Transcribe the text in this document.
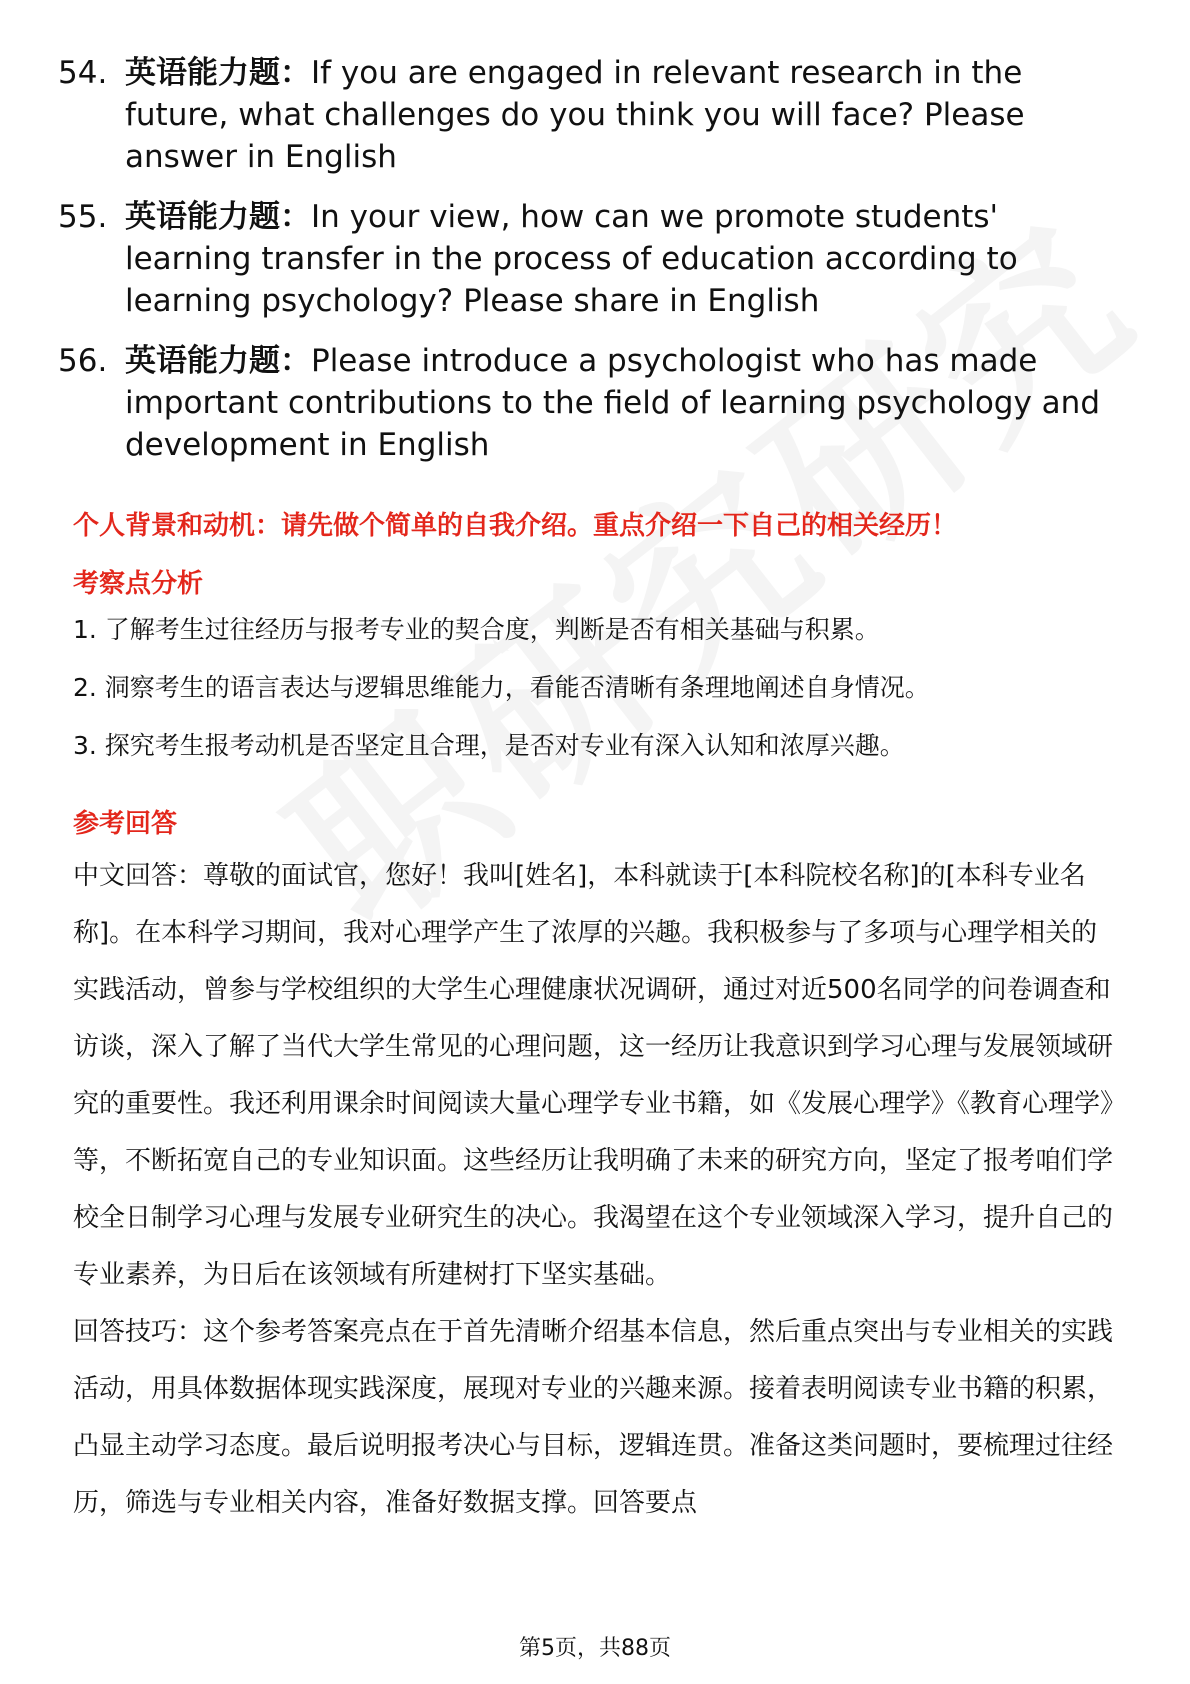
54. 英语能力题：If you are engaged in relevant research in the future, what challenges do you think you will face? Please answer in English
55. 英语能力题：In your view, how can we promote students' learning transfer in the process of education according to learning psychology? Please share in English
56. 英语能力题：Please introduce a psychologist who has made important contributions to the field of learning psychology and development in English
个人背景和动机：请先做个简单的自我介绍。重点介绍一下自己的相关经历！
考察点分析
1. 了解考生过往经历与报考专业的契合度，判断是否有相关基础与积累。
2. 洞察考生的语言表达与逻辑思维能力，看能否清晰有条理地阐述自身情况。
3. 探究考生报考动机是否坚定且合理，是否对专业有深入认知和浓厚兴趣。
参考回答

中文回答：尊敬的面试官，您好！我叫[姓名]，本科就读于[本科院校名称]的[本科专业名称]。在本科学习期间，我对心理学产生了浓厚的兴趣。我积极参与了多项与心理学相关的实践活动，曾参与学校组织的大学生心理健康状况调研，通过对近500名同学的问卷调查和访谈，深入了解了当代大学生常见的心理问题，这一经历让我意识到学习心理与发展领域研究的重要性。我还利用课余时间阅读大量心理学专业书籍，如《发展心理学》《教育心理学》等，不断拓宽自己的专业知识面。这些经历让我明确了未来的研究方向，坚定了报考咱们学校全日制学习心理与发展专业研究生的决心。我渴望在这个专业领域深入学习，提升自己的专业素养，为日后在该领域有所建树打下坚实基础。

回答技巧：这个参考答案亮点在于首先清晰介绍基本信息，然后重点突出与专业相关的实践活动，用具体数据体现实践深度，展现对专业的兴趣来源。接着表明阅读专业书籍的积累，凸显主动学习态度。最后说明报考决心与目标，逻辑连贯。准备这类问题时，要梳理过往经历，筛选与专业相关内容，准备好数据支撑。回答要点

第5页，共88页
